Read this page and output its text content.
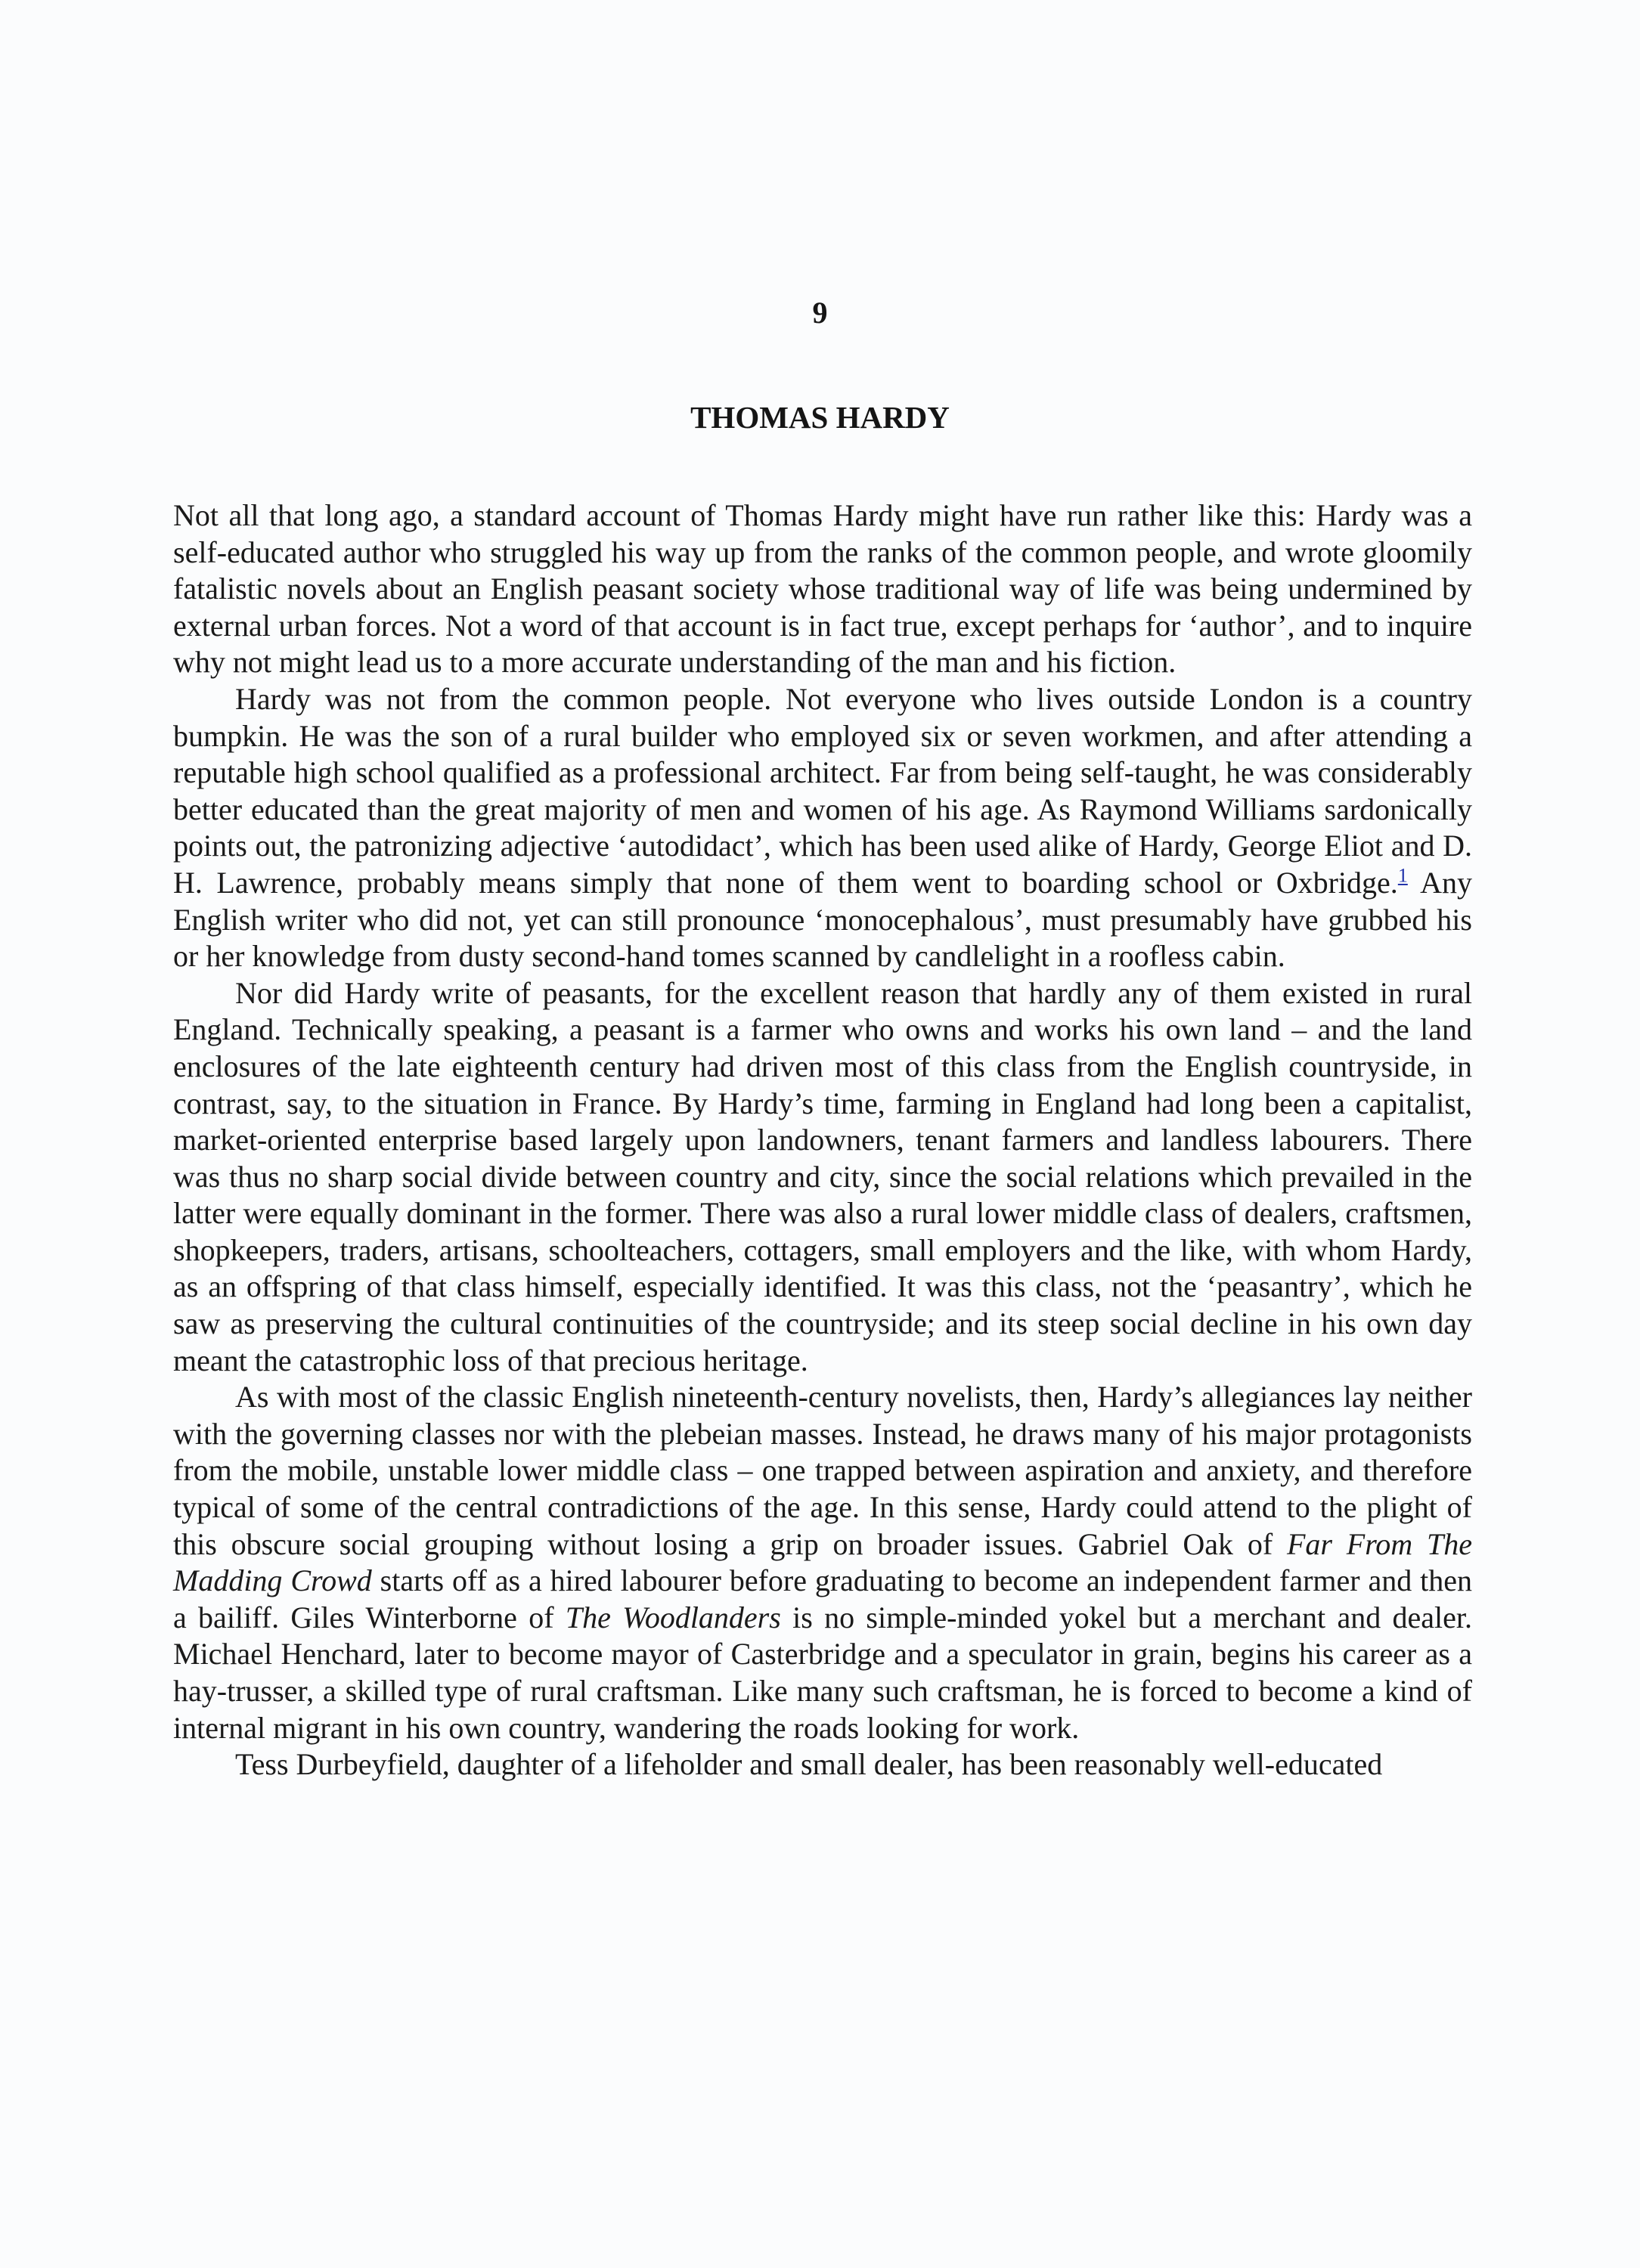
9
THOMAS HARDY

Not all that long ago, a standard account of Thomas Hardy might have run rather like this: Hardy was a self-educated author who struggled his way up from the ranks of the common people, and wrote gloomily fatalistic novels about an English peasant society whose traditional way of life was being undermined by external urban forces. Not a word of that account is in fact true, except perhaps for ‘author’, and to inquire why not might lead us to a more accurate understanding of the man and his fiction.

Hardy was not from the common people. Not everyone who lives outside London is a country bumpkin. He was the son of a rural builder who employed six or seven workmen, and after attending a reputable high school qualified as a professional architect. Far from being self-taught, he was considerably better educated than the great majority of men and women of his age. As Raymond Williams sardonically points out, the patronizing adjective ‘autodidact’, which has been used alike of Hardy, George Eliot and D. H. Lawrence, probably means simply that none of them went to boarding school or Oxbridge.$^1$ Any English writer who did not, yet can still pronounce ‘monocephalous’, must presumably have grubbed his or her knowledge from dusty second-hand tomes scanned by candlelight in a roofless cabin.

Nor did Hardy write of peasants, for the excellent reason that hardly any of them existed in rural England. Technically speaking, a peasant is a farmer who owns and works his own land – and the land enclosures of the late eighteenth century had driven most of this class from the English countryside, in contrast, say, to the situation in France. By Hardy’s time, farming in England had long been a capitalist, market-oriented enterprise based largely upon landowners, tenant farmers and landless labourers. There was thus no sharp social divide between country and city, since the social relations which prevailed in the latter were equally dominant in the former. There was also a rural lower middle class of dealers, craftsmen, shopkeepers, traders, artisans, schoolteachers, cottagers, small employers and the like, with whom Hardy, as an offspring of that class himself, especially identified. It was this class, not the ‘peasantry’, which he saw as preserving the cultural continuities of the countryside; and its steep social decline in his own day meant the catastrophic loss of that precious heritage.

As with most of the classic English nineteenth-century novelists, then, Hardy’s allegiances lay neither with the governing classes nor with the plebeian masses. Instead, he draws many of his major protagonists from the mobile, unstable lower middle class – one trapped between aspiration and anxiety, and therefore typical of some of the central contradictions of the age. In this sense, Hardy could attend to the plight of this obscure social grouping without losing a grip on broader issues. Gabriel Oak of Far From The Madding Crowd starts off as a hired labourer before graduating to become an independent farmer and then a bailiff. Giles Winterborne of The Woodlanders is no simple-minded yokel but a merchant and dealer. Michael Henchard, later to become mayor of Casterbridge and a speculator in grain, begins his career as a hay-trusser, a skilled type of rural craftsman. Like many such craftsman, he is forced to become a kind of internal migrant in his own country, wandering the roads looking for work.

Tess Durbeyfield, daughter of a lifeholder and small dealer, has been reasonably well-educated
